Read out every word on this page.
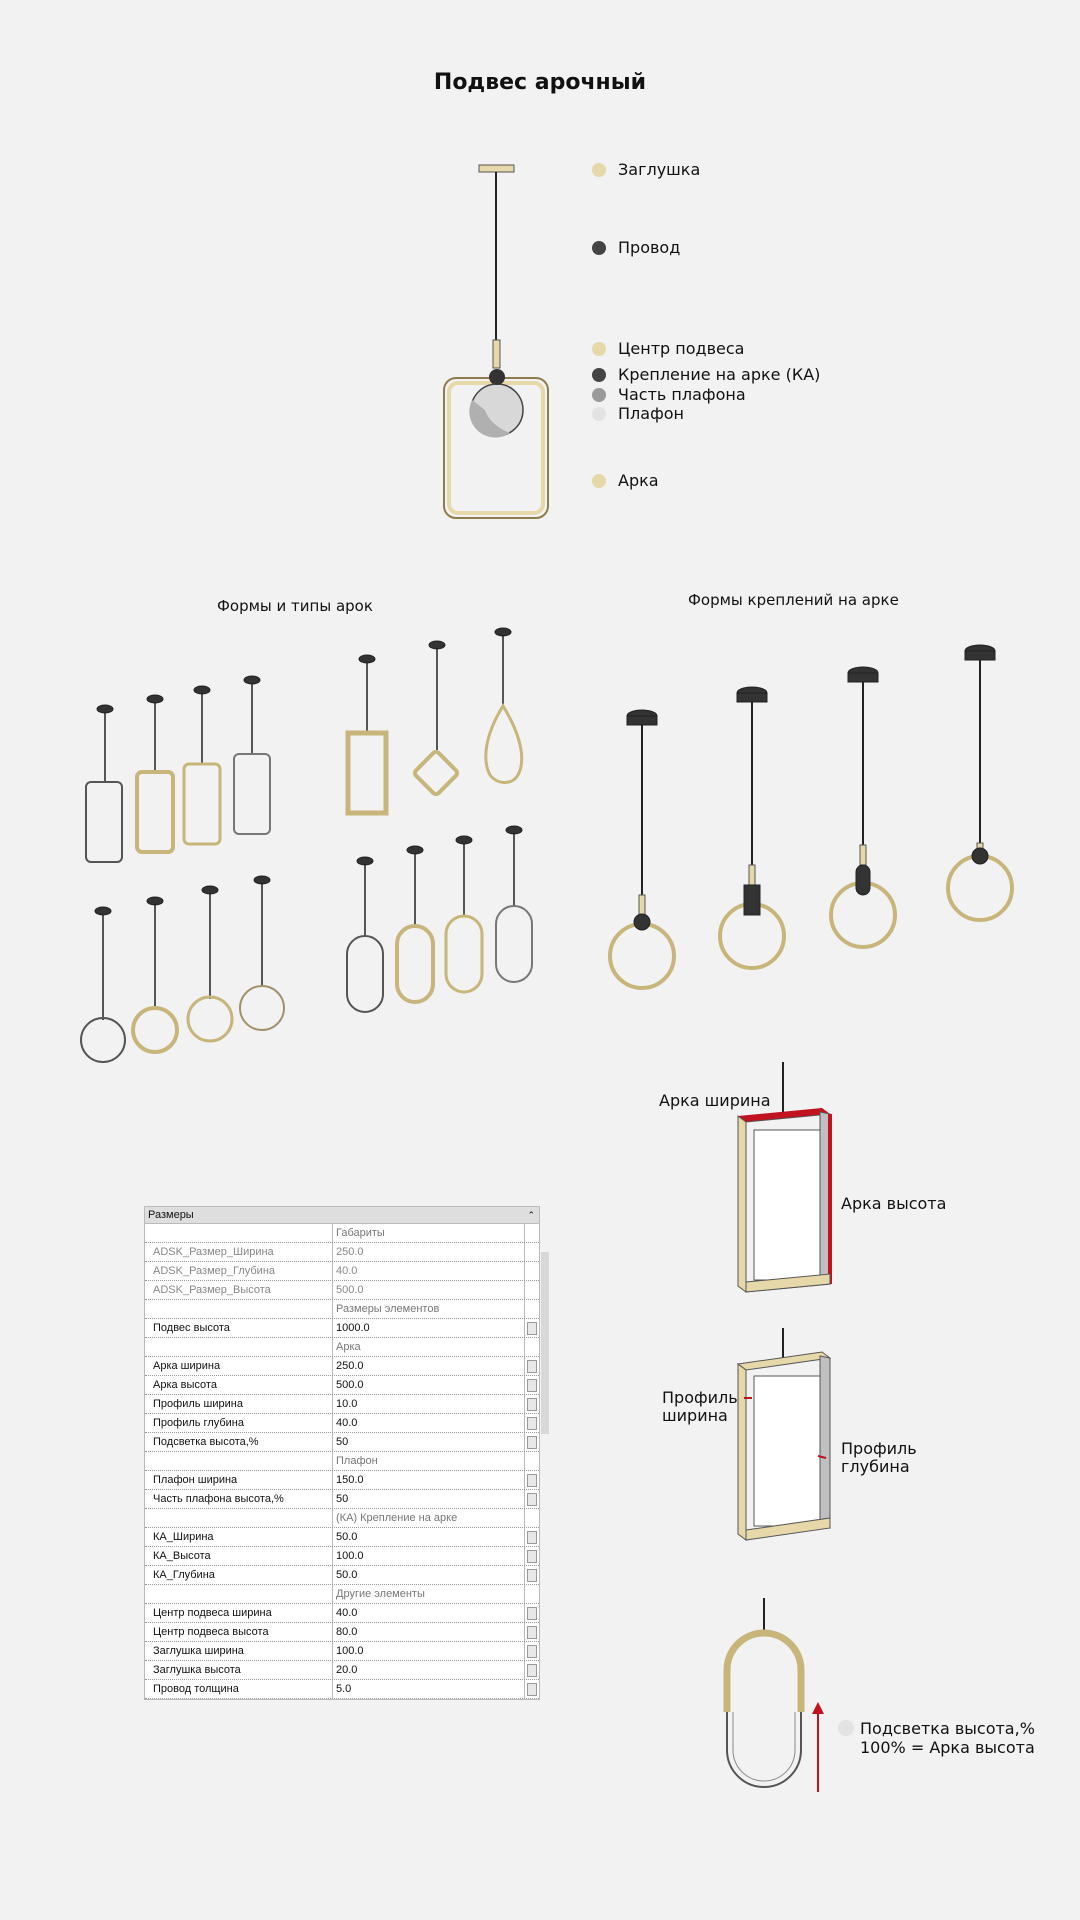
Подвес арочный
Заглушка
Провод
Центр подвеса
Крепление на арке (КА)
Часть плафона
Плафон
Арка
Формы и типы арок	Формы креплений на арке
Арка ширина
Арка высота
Профиль ширина
Профиль глубина
Подсветка высота,%
100% = Арка высота
Размеры	⌃
Габариты
ADSK_Размер_Ширина	250.0
ADSK_Размер_Глубина	40.0
ADSK_Размер_Высота	500.0
Размеры элементов
Подвес высота	1000.0
Арка
Арка ширина	250.0
Арка высота	500.0
Профиль ширина	10.0
Профиль глубина	40.0
Подсветка высота,%	50
Плафон
Плафон ширина	150.0
Часть плафона высота,%	50
(КА) Крепление на арке
КА_Ширина	50.0
КА_Высота	100.0
КА_Глубина	50.0
Другие элементы
Центр подвеса ширина	40.0
Центр подвеса высота	80.0
Заглушка ширина	100.0
Заглушка высота	20.0
Провод толщина	5.0
